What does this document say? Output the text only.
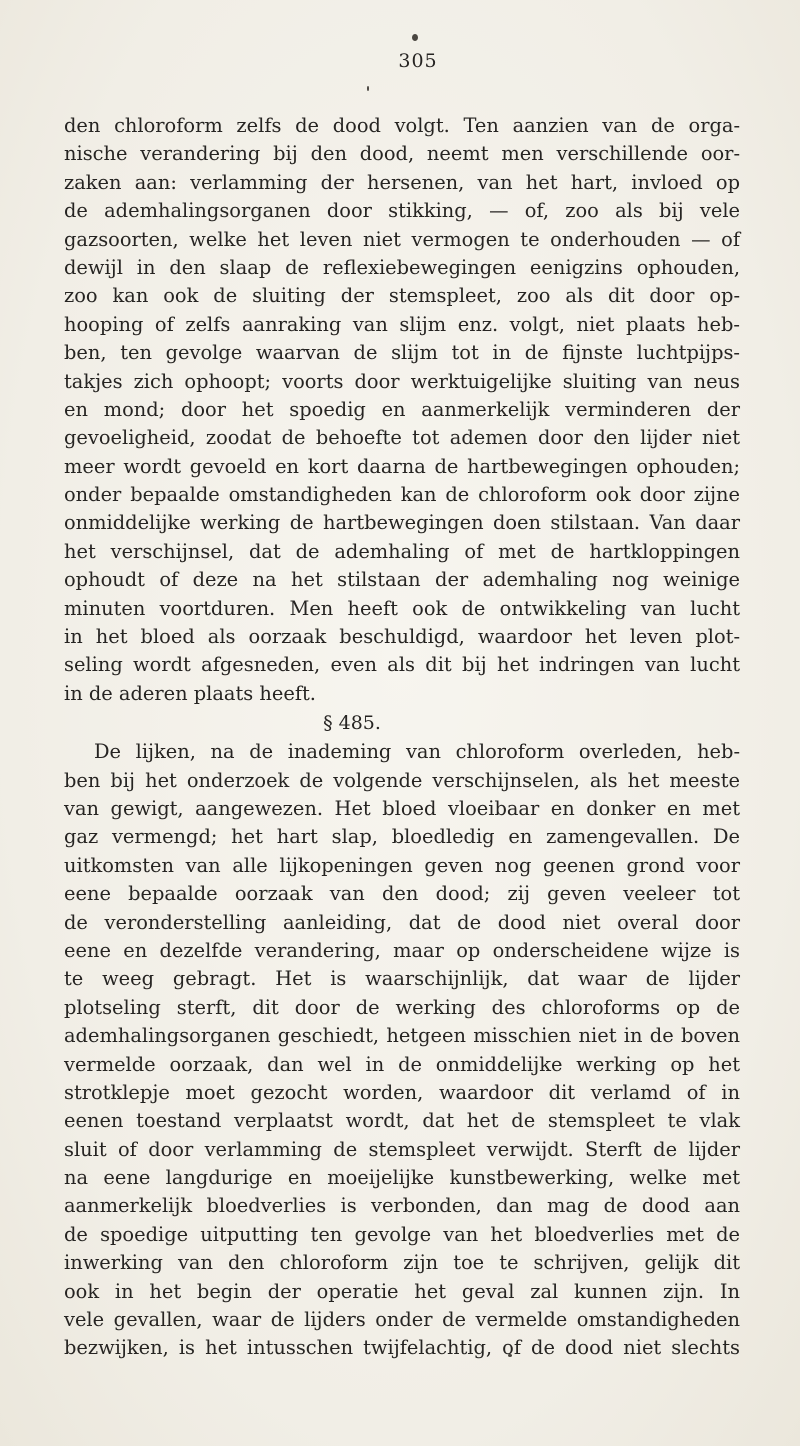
305
den chloroform zelfs de dood volgt. Ten aanzien van de orga-
nische verandering bij den dood, neemt men verschillende oor-
zaken aan: verlamming der hersenen, van het hart, invloed op
de ademhalingsorganen door stikking, — of, zoo als bij vele
gazsoorten, welke het leven niet vermogen te onderhouden — of
dewijl in den slaap de reflexiebewegingen eenigzins ophouden,
zoo kan ook de sluiting der stemspleet, zoo als dit door op-
hooping of zelfs aanraking van slijm enz. volgt, niet plaats heb-
ben, ten gevolge waarvan de slijm tot in de fijnste luchtpijps-
takjes zich ophoopt; voorts door werktuigelijke sluiting van neus
en mond; door het spoedig en aanmerkelijk verminderen der
gevoeligheid, zoodat de behoefte tot ademen door den lijder niet
meer wordt gevoeld en kort daarna de hartbewegingen ophouden;
onder bepaalde omstandigheden kan de chloroform ook door zijne
onmiddelijke werking de hartbewegingen doen stilstaan. Van daar
het verschijnsel, dat de ademhaling of met de hartkloppingen
ophoudt of deze na het stilstaan der ademhaling nog weinige
minuten voortduren. Men heeft ook de ontwikkeling van lucht
in het bloed als oorzaak beschuldigd, waardoor het leven plot-
seling wordt afgesneden, even als dit bij het indringen van lucht
in de aderen plaats heeft.
§ 485.
De lijken, na de inademing van chloroform overleden, heb-
ben bij het onderzoek de volgende verschijnselen, als het meeste
van gewigt, aangewezen. Het bloed vloeibaar en donker en met
gaz vermengd; het hart slap, bloedledig en zamengevallen. De
uitkomsten van alle lijkopeningen geven nog geenen grond voor
eene bepaalde oorzaak van den dood; zij geven veeleer tot
de veronderstelling aanleiding, dat de dood niet overal door
eene en dezelfde verandering, maar op onderscheidene wijze is
te weeg gebragt. Het is waarschijnlijk, dat waar de lijder
plotseling sterft, dit door de werking des chloroforms op de
ademhalingsorganen geschiedt, hetgeen misschien niet in de boven
vermelde oorzaak, dan wel in de onmiddelijke werking op het
strotklepje moet gezocht worden, waardoor dit verlamd of in
eenen toestand verplaatst wordt, dat het de stemspleet te vlak
sluit of door verlamming de stemspleet verwijdt. Sterft de lijder
na eene langdurige en moeijelijke kunstbewerking, welke met
aanmerkelijk bloedverlies is verbonden, dan mag de dood aan
de spoedige uitputting ten gevolge van het bloedverlies met de
inwerking van den chloroform zijn toe te schrijven, gelijk dit
ook in het begin der operatie het geval zal kunnen zijn. In
vele gevallen, waar de lijders onder de vermelde omstandigheden
bezwijken, is het intusschen twijfelachtig, of de dood niet slechts
